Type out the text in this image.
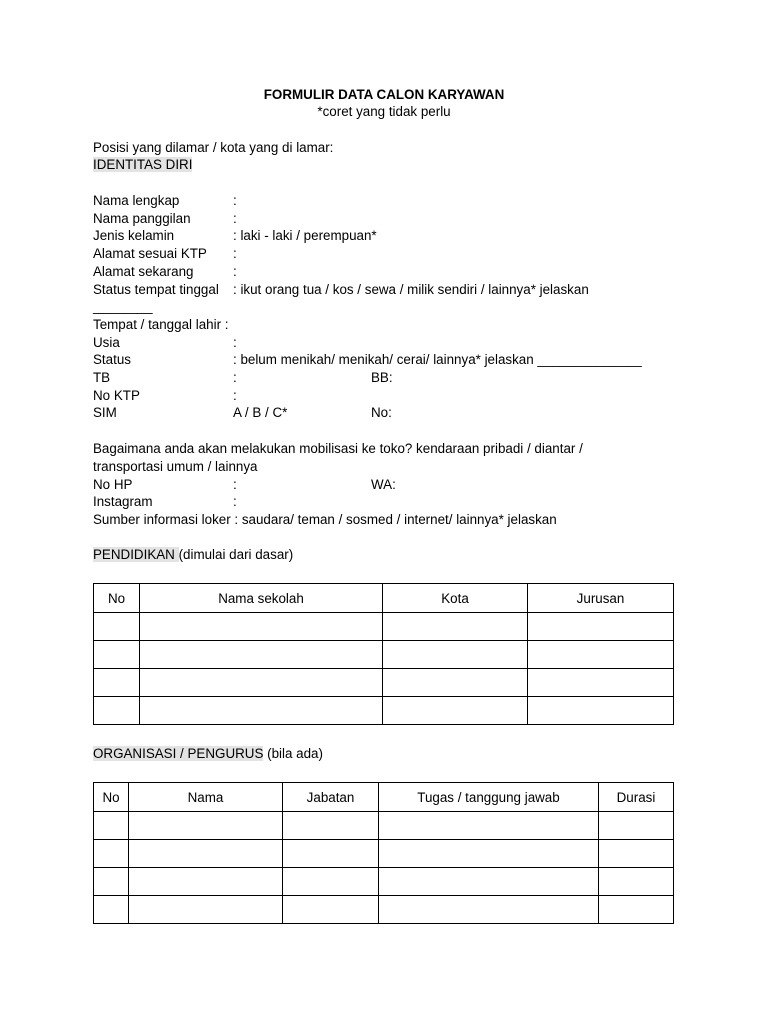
FORMULIR DATA CALON KARYAWAN
*coret yang tidak perlu
Posisi yang dilamar / kota yang di lamar:
IDENTITAS DIRI
Nama lengkap	:
Nama panggilan	:
Jenis kelamin	: laki - laki / perempuan*
Alamat sesuai KTP :
Alamat sekarang	:
Status tempat tinggal : ikut orang tua / kos / sewa / milik sendiri / lainnya* jelaskan
________
Tempat / tanggal lahir :
Usia	:
Status	: belum menikah/ menikah/ cerai/ lainnya* jelaskan ______________
TB	:	BB:
No KTP	:
SIM	A / B / C*	No:
Bagaimana anda akan melakukan mobilisasi ke toko? kendaraan pribadi / diantar /
transportasi umum / lainnya
No HP	:	WA:
Instagram	:
Sumber informasi loker : saudara/ teman / sosmed / internet/ lainnya* jelaskan
PENDIDIKAN (dimulai dari dasar)
No	Nama sekolah	Kota	Jurusan

ORGANISASI / PENGURUS (bila ada)
No	Nama	Jabatan	Tugas / tanggung jawab	Durasi
